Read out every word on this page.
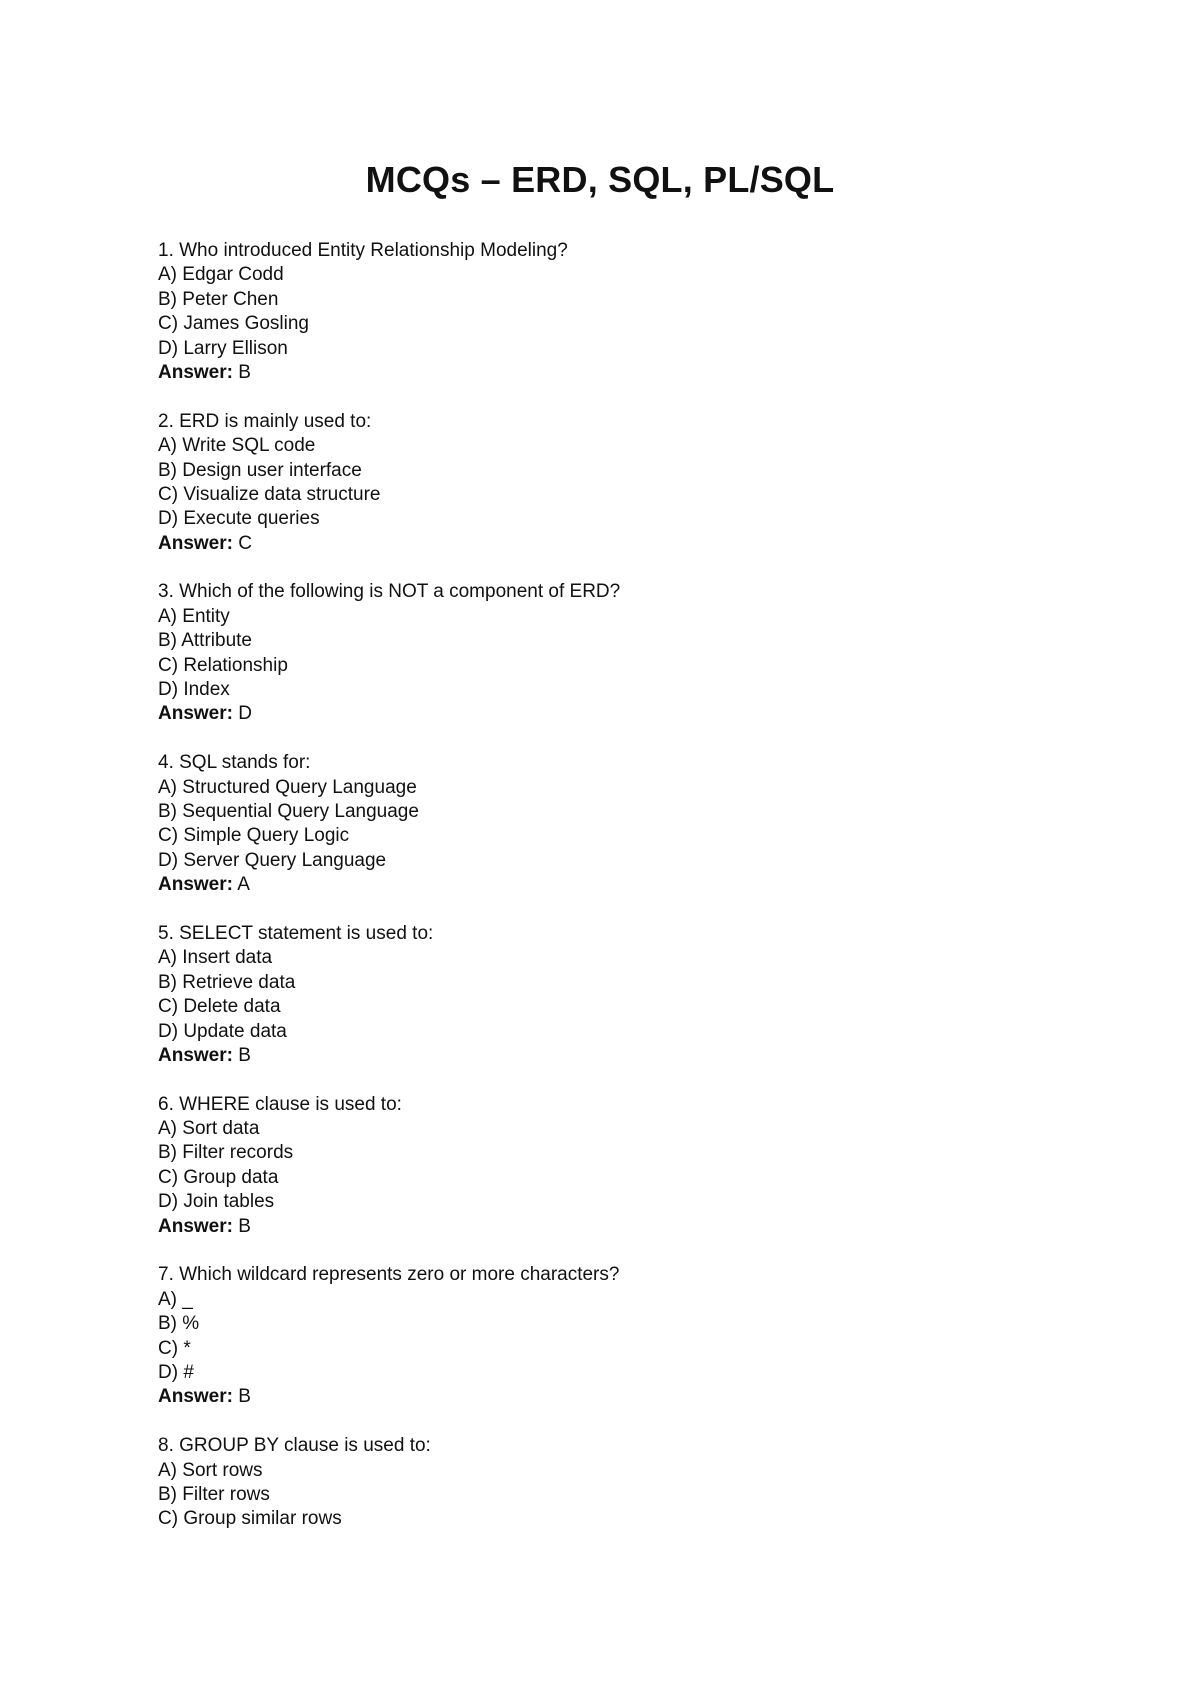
MCQs – ERD, SQL, PL/SQL
1. Who introduced Entity Relationship Modeling?
A) Edgar Codd
B) Peter Chen
C) James Gosling
D) Larry Ellison
Answer: B
2. ERD is mainly used to:
A) Write SQL code
B) Design user interface
C) Visualize data structure
D) Execute queries
Answer: C
3. Which of the following is NOT a component of ERD?
A) Entity
B) Attribute
C) Relationship
D) Index
Answer: D
4. SQL stands for:
A) Structured Query Language
B) Sequential Query Language
C) Simple Query Logic
D) Server Query Language
Answer: A
5. SELECT statement is used to:
A) Insert data
B) Retrieve data
C) Delete data
D) Update data
Answer: B
6. WHERE clause is used to:
A) Sort data
B) Filter records
C) Group data
D) Join tables
Answer: B
7. Which wildcard represents zero or more characters?
A) _
B) %
C) *
D) #
Answer: B
8. GROUP BY clause is used to:
A) Sort rows
B) Filter rows
C) Group similar rows
